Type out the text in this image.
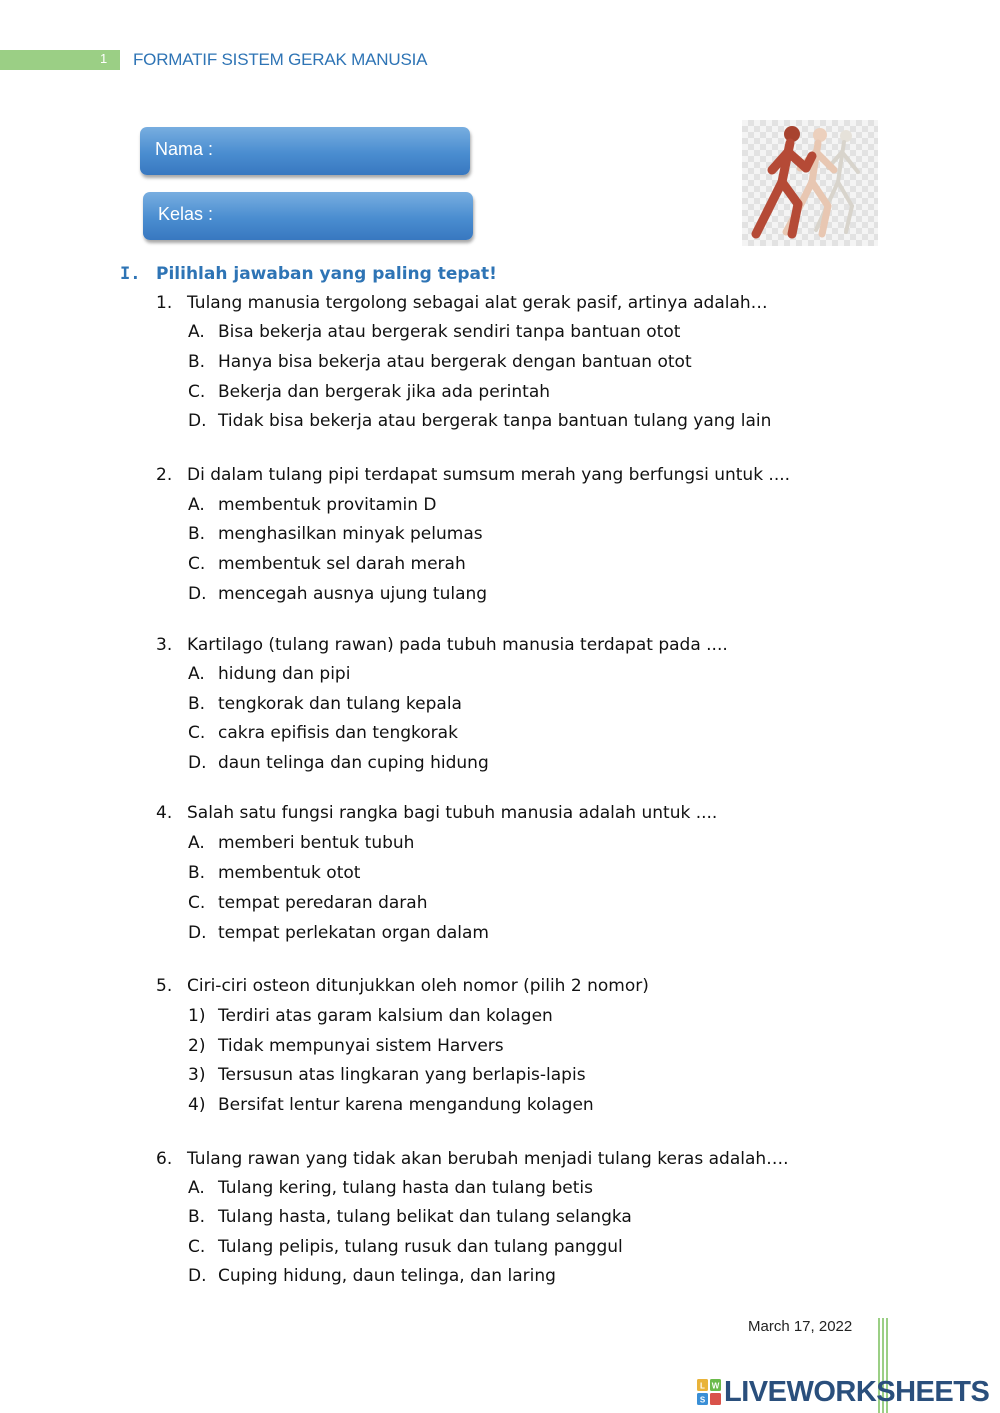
1 FORMATIF SISTEM GERAK MANUSIA
Nama :
Kelas :
I. Pilihlah jawaban yang paling tepat!
1. Tulang manusia tergolong sebagai alat gerak pasif, artinya adalah…
A. Bisa bekerja atau bergerak sendiri tanpa bantuan otot
B. Hanya bisa bekerja atau bergerak dengan bantuan otot
C. Bekerja dan bergerak jika ada perintah
D. Tidak bisa bekerja atau bergerak tanpa bantuan tulang yang lain
2. Di dalam tulang pipi terdapat sumsum merah yang berfungsi untuk ....
A. membentuk provitamin D
B. menghasilkan minyak pelumas
C. membentuk sel darah merah
D. mencegah ausnya ujung tulang
3. Kartilago (tulang rawan) pada tubuh manusia terdapat pada ....
A. hidung dan pipi
B. tengkorak dan tulang kepala
C. cakra epifisis dan tengkorak
D. daun telinga dan cuping hidung
4. Salah satu fungsi rangka bagi tubuh manusia adalah untuk ....
A. memberi bentuk tubuh
B. membentuk otot
C. tempat peredaran darah
D. tempat perlekatan organ dalam
5. Ciri-ciri osteon ditunjukkan oleh nomor (pilih 2 nomor)
1) Terdiri atas garam kalsium dan kolagen
2) Tidak mempunyai sistem Harvers
3) Tersusun atas lingkaran yang berlapis-lapis
4) Bersifat lentur karena mengandung kolagen
6. Tulang rawan yang tidak akan berubah menjadi tulang keras adalah….
A. Tulang kering, tulang hasta dan tulang betis
B. Tulang hasta, tulang belikat dan tulang selangka
C. Tulang pelipis, tulang rusuk dan tulang panggul
D. Cuping hidung, daun telinga, dan laring
March 17, 2022
L W
S LIVEWORKSHEETS
